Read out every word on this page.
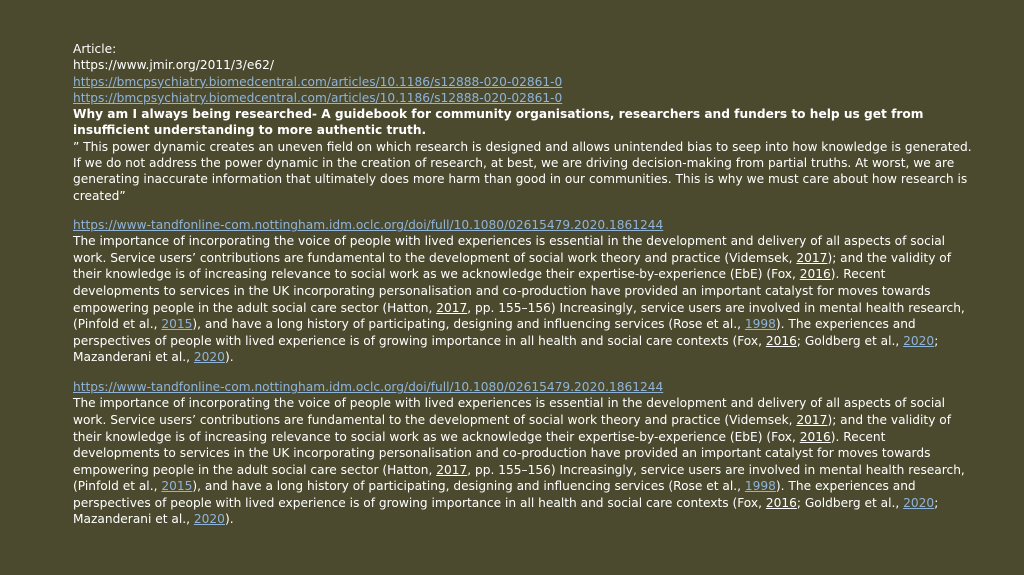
Article:

https://www.jmir.org/2011/3/e62/

https://bmcpsychiatry.biomedcentral.com/articles/10.1186/s12888-020-02861-0

https://bmcpsychiatry.biomedcentral.com/articles/10.1186/s12888-020-02861-0

Why am I always being researched- A guidebook for community organisations, researchers and funders to help us get from insufficient understanding to more authentic truth.

” This power dynamic creates an uneven field on which research is designed and allows unintended bias to seep into how knowledge is generated. If we do not address the power dynamic in the creation of research, at best, we are driving decision-making from partial truths. At worst, we are generating inaccurate information that ultimately does more harm than good in our communities. This is why we must care about how research is created”

https://www-tandfonline-com.nottingham.idm.oclc.org/doi/full/10.1080/02615479.2020.1861244

The importance of incorporating the voice of people with lived experiences is essential in the development and delivery of all aspects of social work. Service users’ contributions are fundamental to the development of social work theory and practice (Videmsek, 2017); and the validity of their knowledge is of increasing relevance to social work as we acknowledge their expertise-by-experience (EbE) (Fox, 2016). Recent developments to services in the UK incorporating personalisation and co-production have provided an important catalyst for moves towards empowering people in the adult social care sector (Hatton, 2017, pp. 155–156) Increasingly, service users are involved in mental health research, (Pinfold et al., 2015), and have a long history of participating, designing and influencing services (Rose et al., 1998). The experiences and perspectives of people with lived experience is of growing importance in all health and social care contexts (Fox, 2016; Goldberg et al., 2020; Mazanderani et al., 2020).

https://www-tandfonline-com.nottingham.idm.oclc.org/doi/full/10.1080/02615479.2020.1861244

The importance of incorporating the voice of people with lived experiences is essential in the development and delivery of all aspects of social work. Service users’ contributions are fundamental to the development of social work theory and practice (Videmsek, 2017); and the validity of their knowledge is of increasing relevance to social work as we acknowledge their expertise-by-experience (EbE) (Fox, 2016). Recent developments to services in the UK incorporating personalisation and co-production have provided an important catalyst for moves towards empowering people in the adult social care sector (Hatton, 2017, pp. 155–156) Increasingly, service users are involved in mental health research, (Pinfold et al., 2015), and have a long history of participating, designing and influencing services (Rose et al., 1998). The experiences and perspectives of people with lived experience is of growing importance in all health and social care contexts (Fox, 2016; Goldberg et al., 2020; Mazanderani et al., 2020).
